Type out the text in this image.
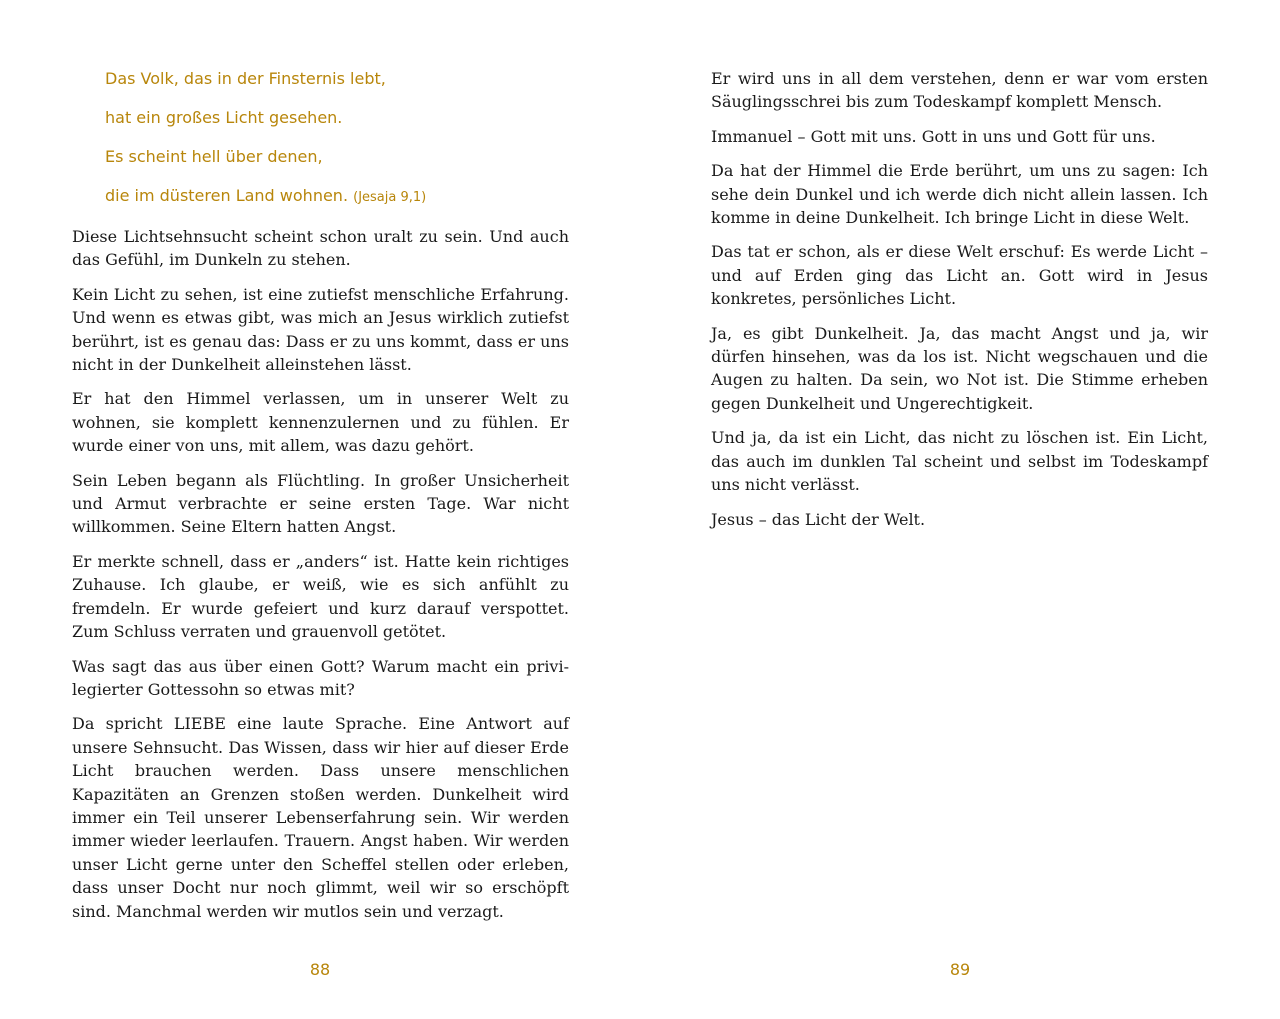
Das Volk, das in der Finsternis lebt,
hat ein großes Licht gesehen.
Es scheint hell über denen,
die im düsteren Land wohnen. (Jesaja 9,1)

Diese Lichtsehnsucht scheint schon uralt zu sein. Und auch das Gefühl, im Dunkeln zu stehen.

Kein Licht zu sehen, ist eine zutiefst menschliche Erfahrung. Und wenn es etwas gibt, was mich an Jesus wirklich zutiefst berührt, ist es genau das: Dass er zu uns kommt, dass er uns nicht in der Dunkelheit alleinstehen lässt.

Er hat den Himmel verlassen, um in unserer Welt zu wohnen, sie komplett kennenzulernen und zu fühlen. Er wurde einer von uns, mit allem, was dazu gehört.

Sein Leben begann als Flüchtling. In großer Unsicherheit und Armut verbrachte er seine ersten Tage. War nicht willkommen. Seine Eltern hatten Angst.

Er merkte schnell, dass er „anders“ ist. Hatte kein richtiges Zuhause. Ich glaube, er weiß, wie es sich anfühlt zu fremdeln. Er wurde gefeiert und kurz darauf verspottet. Zum Schluss verraten und grauenvoll getötet.

Was sagt das aus über einen Gott? Warum macht ein privilegierter Gottessohn so etwas mit?

Da spricht LIEBE eine laute Sprache. Eine Antwort auf unsere Sehnsucht. Das Wissen, dass wir hier auf dieser Erde Licht brauchen werden. Dass unsere menschlichen Kapazitäten an Grenzen stoßen werden. Dunkelheit wird immer ein Teil unserer Lebenserfahrung sein. Wir werden immer wieder leerlaufen. Trauern. Angst haben. Wir werden unser Licht gerne unter den Scheffel stellen oder erleben, dass unser Docht nur noch glimmt, weil wir so erschöpft sind. Manchmal werden wir mutlos sein und verzagt.

88

Er wird uns in all dem verstehen, denn er war vom ersten Säuglingsschrei bis zum Todeskampf komplett Mensch.

Immanuel – Gott mit uns. Gott in uns und Gott für uns.

Da hat der Himmel die Erde berührt, um uns zu sagen: Ich sehe dein Dunkel und ich werde dich nicht allein lassen. Ich komme in deine Dunkelheit. Ich bringe Licht in diese Welt.

Das tat er schon, als er diese Welt erschuf: Es werde Licht – und auf Erden ging das Licht an. Gott wird in Jesus konkretes, persönliches Licht.

Ja, es gibt Dunkelheit. Ja, das macht Angst und ja, wir dürfen hinsehen, was da los ist. Nicht wegschauen und die Augen zu halten. Da sein, wo Not ist. Die Stimme erheben gegen Dunkelheit und Ungerechtigkeit.

Und ja, da ist ein Licht, das nicht zu löschen ist. Ein Licht, das auch im dunklen Tal scheint und selbst im Todeskampf uns nicht verlässt.

Jesus – das Licht der Welt.

89
